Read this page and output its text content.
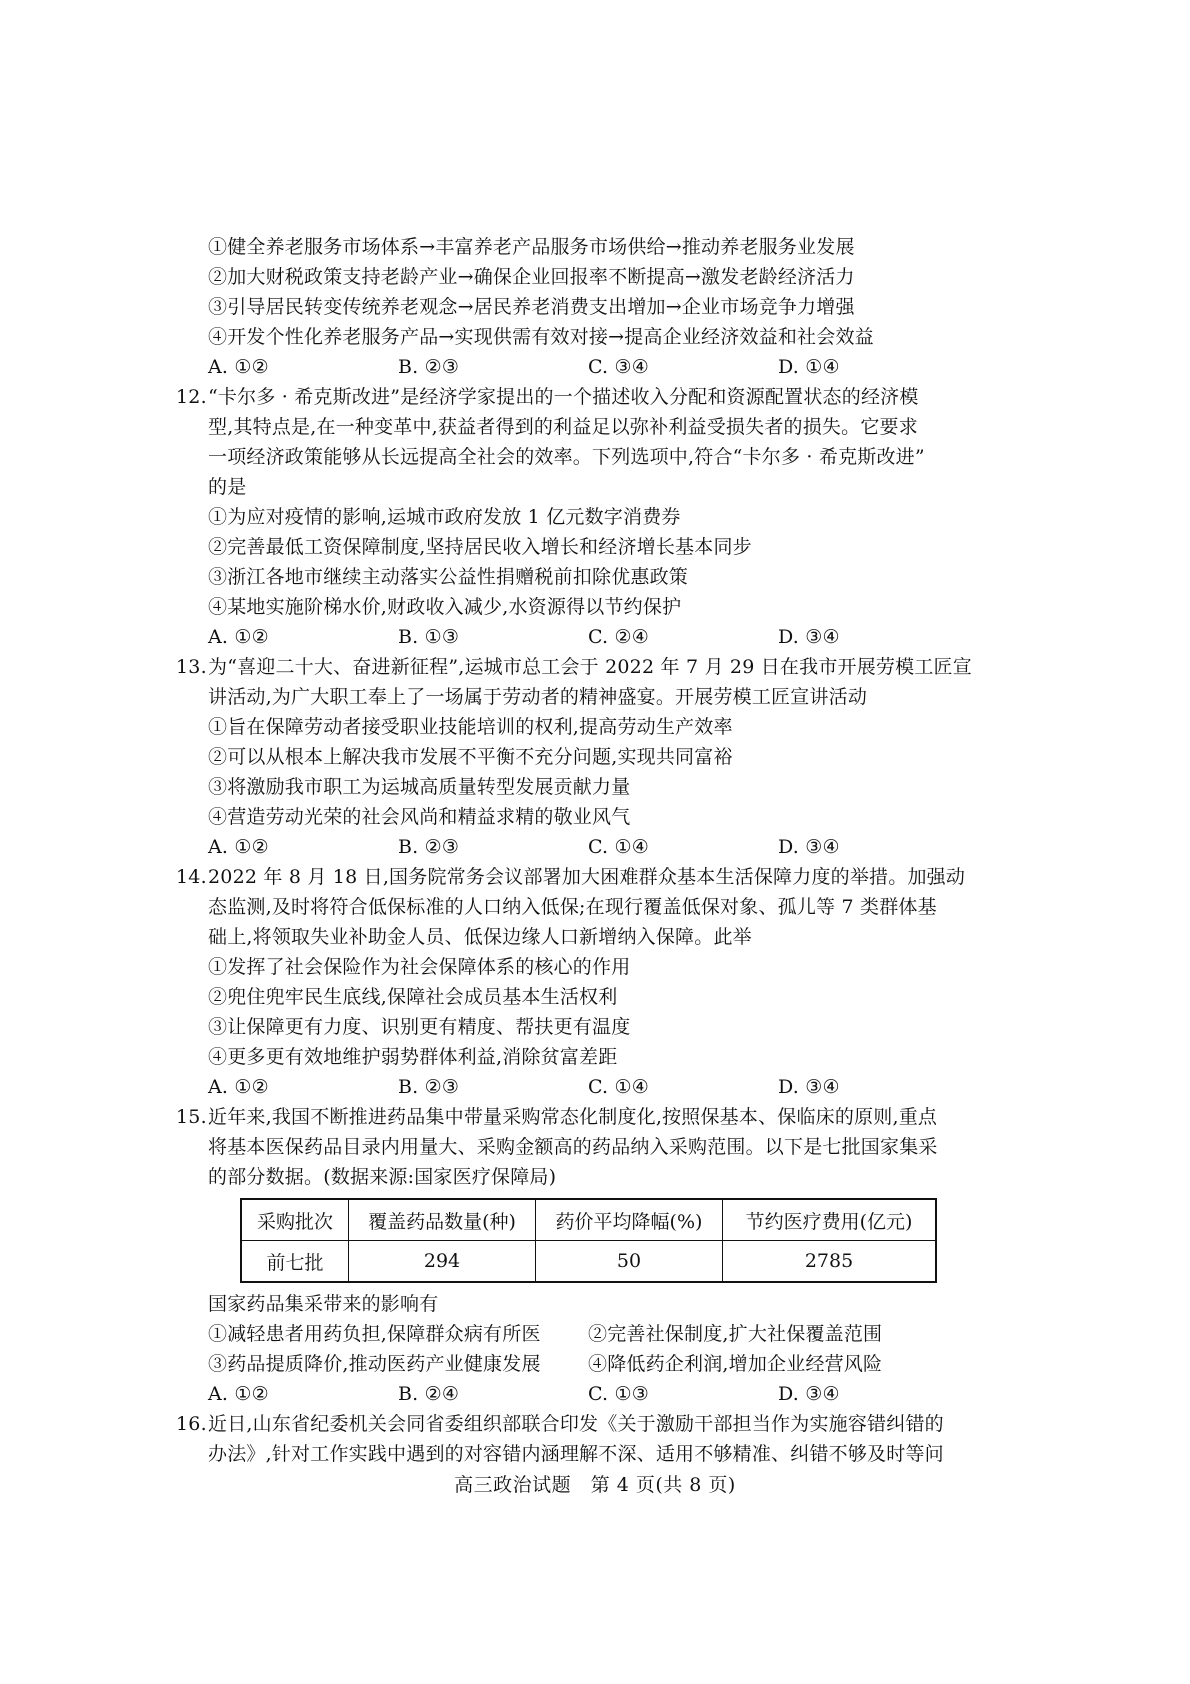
①健全养老服务市场体系→丰富养老产品服务市场供给→推动养老服务业发展
②加大财税政策支持老龄产业→确保企业回报率不断提高→激发老龄经济活力
③引导居民转变传统养老观念→居民养老消费支出增加→企业市场竞争力增强
④开发个性化养老服务产品→实现供需有效对接→提高企业经济效益和社会效益
A. ①②	B. ②③	C. ③④	D. ①④
12. “卡尔多 · 希克斯改进”是经济学家提出的一个描述收入分配和资源配置状态的经济模
型,其特点是,在一种变革中,获益者得到的利益足以弥补利益受损失者的损失。它要求
一项经济政策能够从长远提高全社会的效率。下列选项中,符合“卡尔多 · 希克斯改进”
的是
①为应对疫情的影响,运城市政府发放 1 亿元数字消费券
②完善最低工资保障制度,坚持居民收入增长和经济增长基本同步
③浙江各地市继续主动落实公益性捐赠税前扣除优惠政策
④某地实施阶梯水价,财政收入减少,水资源得以节约保护
A. ①②	B. ①③	C. ②④	D. ③④
13. 为“喜迎二十大、奋进新征程”,运城市总工会于 2022 年 7 月 29 日在我市开展劳模工匠宣
讲活动,为广大职工奉上了一场属于劳动者的精神盛宴。开展劳模工匠宣讲活动
①旨在保障劳动者接受职业技能培训的权利,提高劳动生产效率
②可以从根本上解决我市发展不平衡不充分问题,实现共同富裕
③将激励我市职工为运城高质量转型发展贡献力量
④营造劳动光荣的社会风尚和精益求精的敬业风气
A. ①②	B. ②③	C. ①④	D. ③④
14. 2022 年 8 月 18 日,国务院常务会议部署加大困难群众基本生活保障力度的举措。加强动
态监测,及时将符合低保标准的人口纳入低保;在现行覆盖低保对象、孤儿等 7 类群体基
础上,将领取失业补助金人员、低保边缘人口新增纳入保障。此举
①发挥了社会保险作为社会保障体系的核心的作用
②兜住兜牢民生底线,保障社会成员基本生活权利
③让保障更有力度、识别更有精度、帮扶更有温度
④更多更有效地维护弱势群体利益,消除贫富差距
A. ①②	B. ②③	C. ①④	D. ③④
15. 近年来,我国不断推进药品集中带量采购常态化制度化,按照保基本、保临床的原则,重点
将基本医保药品目录内用量大、采购金额高的药品纳入采购范围。以下是七批国家集采
的部分数据。(数据来源:国家医疗保障局)
采购批次	覆盖药品数量(种)	药价平均降幅(%)	节约医疗费用(亿元)
前七批	294	50	2785
国家药品集采带来的影响有
①减轻患者用药负担,保障群众病有所医	②完善社保制度,扩大社保覆盖范围
③药品提质降价,推动医药产业健康发展	④降低药企利润,增加企业经营风险
A. ①②	B. ②④	C. ①③	D. ③④
16. 近日,山东省纪委机关会同省委组织部联合印发《关于激励干部担当作为实施容错纠错的
办法》,针对工作实践中遇到的对容错内涵理解不深、适用不够精准、纠错不够及时等问
高三政治试题　第 4 页(共 8 页)
